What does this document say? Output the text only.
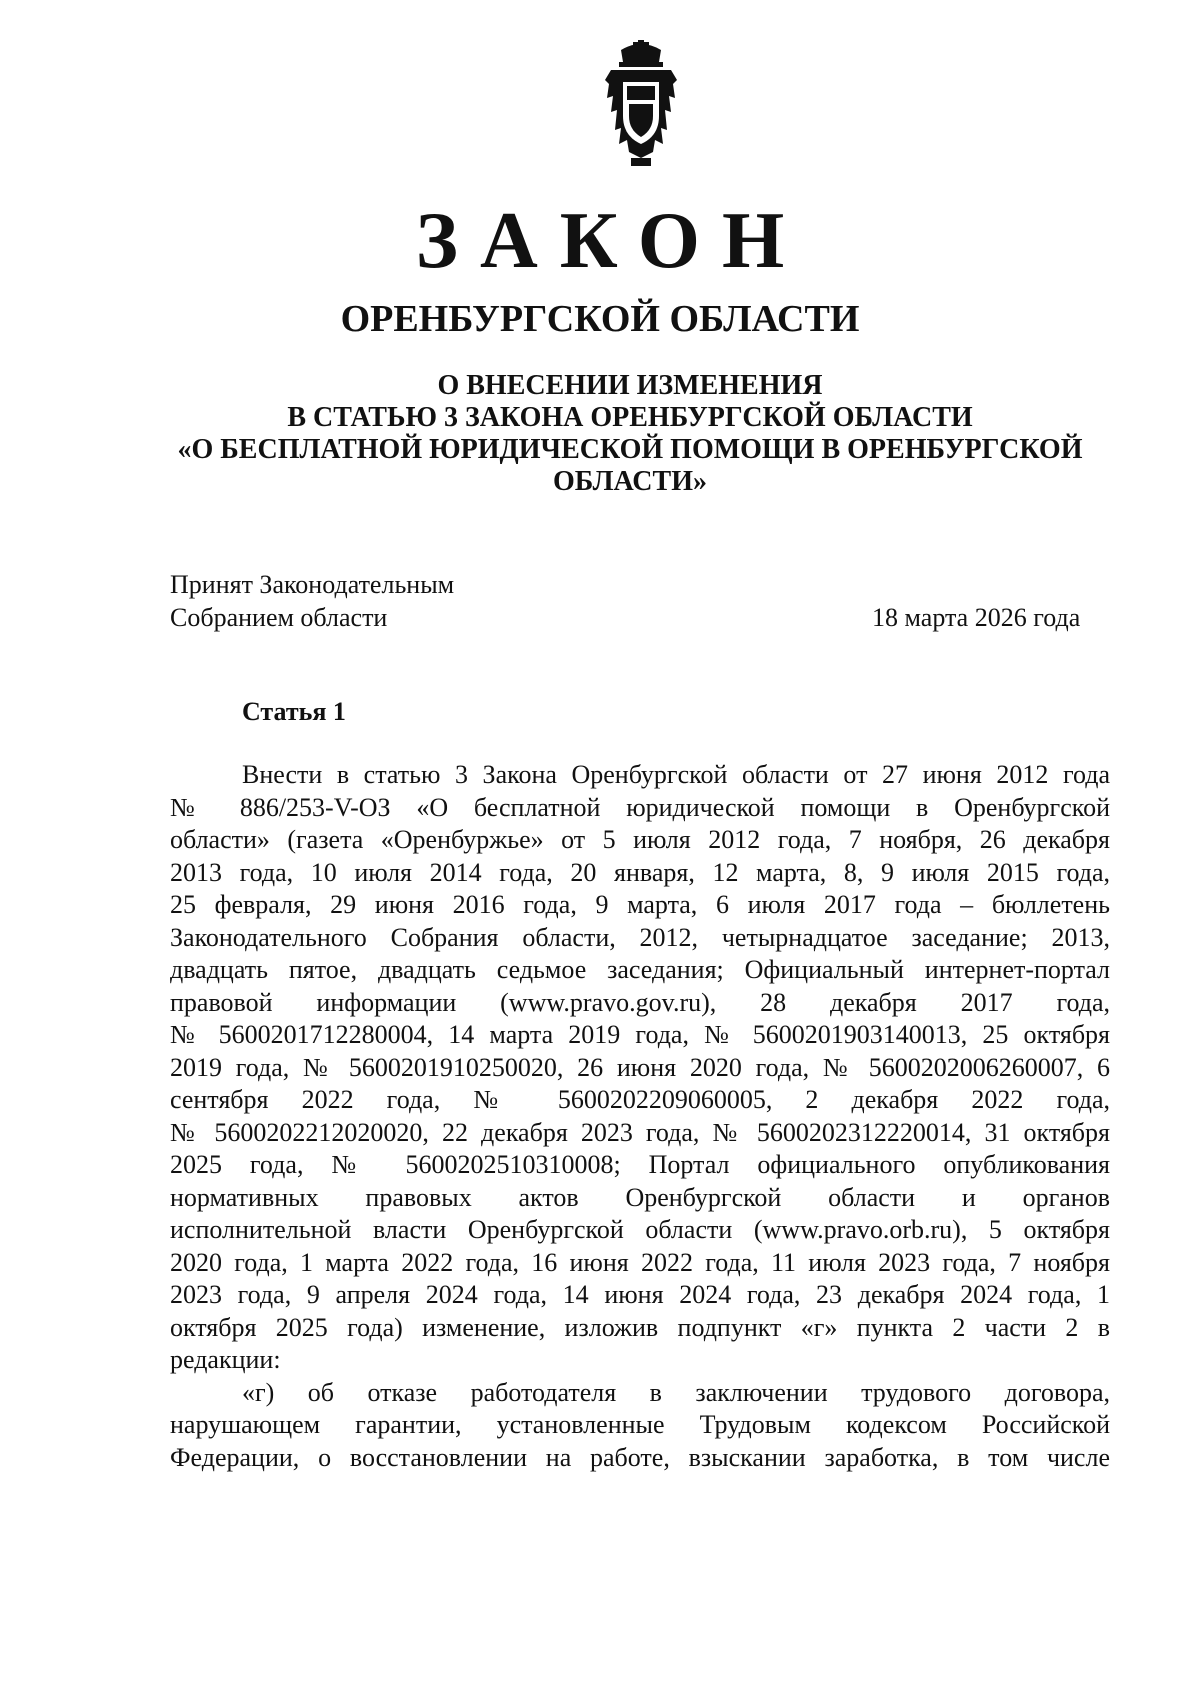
ЗАКОН
ОРЕНБУРГСКОЙ ОБЛАСТИ
О ВНЕСЕНИИ ИЗМЕНЕНИЯ
В СТАТЬЮ 3 ЗАКОНА ОРЕНБУРГСКОЙ ОБЛАСТИ
«О БЕСПЛАТНОЙ ЮРИДИЧЕСКОЙ ПОМОЩИ В ОРЕНБУРГСКОЙ
ОБЛАСТИ»
Принят Законодательным
Собранием области	18 марта 2026 года
Статья 1
Внести в статью 3 Закона Оренбургской области от 27 июня 2012 года
№ 886/253-V-ОЗ «О бесплатной юридической помощи в Оренбургской
области» (газета «Оренбуржье» от 5 июля 2012 года, 7 ноября, 26 декабря
2013 года, 10 июля 2014 года, 20 января, 12 марта, 8, 9 июля 2015 года,
25 февраля, 29 июня 2016 года, 9 марта, 6 июля 2017 года – бюллетень
Законодательного Собрания области, 2012, четырнадцатое заседание; 2013,
двадцать пятое, двадцать седьмое заседания; Официальный интернет-портал
правовой информации (www.pravo.gov.ru), 28 декабря 2017 года,
№ 5600201712280004, 14 марта 2019 года, № 5600201903140013, 25 октября
2019 года, № 5600201910250020, 26 июня 2020 года, № 5600202006260007, 6
сентября 2022 года, № 5600202209060005, 2 декабря 2022 года,
№ 5600202212020020, 22 декабря 2023 года, № 5600202312220014, 31 октября
2025 года, № 5600202510310008; Портал официального опубликования
нормативных правовых актов Оренбургской области и органов
исполнительной власти Оренбургской области (www.pravo.orb.ru), 5 октября
2020 года, 1 марта 2022 года, 16 июня 2022 года, 11 июля 2023 года, 7 ноября
2023 года, 9 апреля 2024 года, 14 июня 2024 года, 23 декабря 2024 года, 1
октября 2025 года) изменение, изложив подпункт «г» пункта 2 части 2 в
редакции:
«г) об отказе работодателя в заключении трудового договора,
нарушающем гарантии, установленные Трудовым кодексом Российской
Федерации, о восстановлении на работе, взыскании заработка, в том числе
